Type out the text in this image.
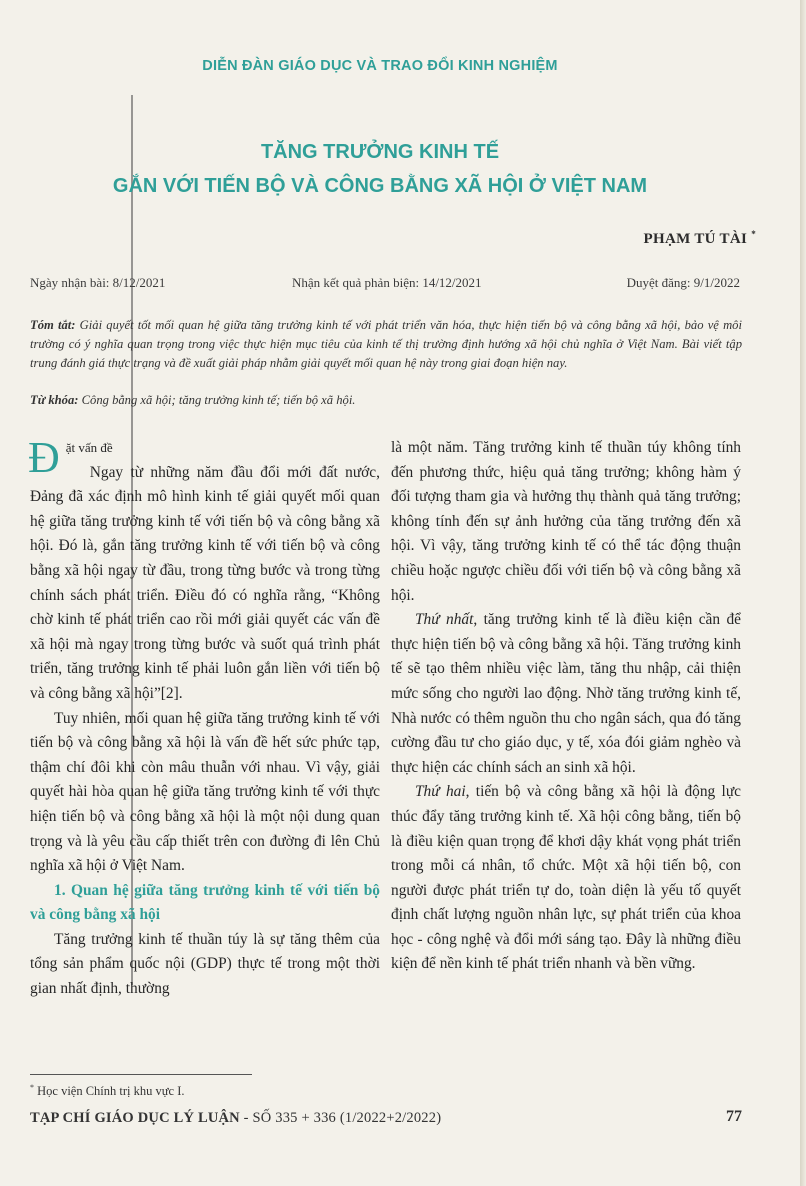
DIỄN ĐÀN GIÁO DỤC VÀ TRAO ĐỔI KINH NGHIỆM
TĂNG TRƯỞNG KINH TẾ
GẮN VỚI TIẾN BỘ VÀ CÔNG BẰNG XÃ HỘI Ở VIỆT NAM
PHẠM TÚ TÀI *
Ngày nhận bài: 8/12/2021	Nhận kết quả phản biện: 14/12/2021	Duyệt đăng: 9/1/2022
Tóm tắt: Giải quyết tốt mối quan hệ giữa tăng trưởng kinh tế với phát triển văn hóa, thực hiện tiến bộ và công bằng xã hội, bảo vệ môi trường có ý nghĩa quan trọng trong việc thực hiện mục tiêu của kinh tế thị trường định hướng xã hội chủ nghĩa ở Việt Nam. Bài viết tập trung đánh giá thực trạng và đề xuất giải pháp nhằm giải quyết mối quan hệ này trong giai đoạn hiện nay.
Từ khóa: Công bằng xã hội; tăng trưởng kinh tế; tiến bộ xã hội.

Đ $^{ặt vấn đề}$

Ngay từ những năm đầu đổi mới đất nước, Đảng đã xác định mô hình kinh tế giải quyết mối quan hệ giữa tăng trưởng kinh tế với tiến bộ và công bằng xã hội. Đó là, gắn tăng trưởng kinh tế với tiến bộ và công bằng xã hội ngay từ đầu, trong từng bước và trong từng chính sách phát triển. Điều đó có nghĩa rằng, “Không chờ kinh tế phát triển cao rồi mới giải quyết các vấn đề xã hội mà ngay trong từng bước và suốt quá trình phát triển, tăng trưởng kinh tế phải luôn gắn liền với tiến bộ và công bằng xã hội”[2].

Tuy nhiên, mối quan hệ giữa tăng trưởng kinh tế với tiến bộ và công bằng xã hội là vấn đề hết sức phức tạp, thậm chí đôi khi còn mâu thuẫn với nhau. Vì vậy, giải quyết hài hòa quan hệ giữa tăng trưởng kinh tế với thực hiện tiến bộ và công bằng xã hội là một nội dung quan trọng và là yêu cầu cấp thiết trên con đường đi lên Chủ nghĩa xã hội ở Việt Nam.

1. Quan hệ giữa tăng trưởng kinh tế với tiến bộ và công bằng xã hội

Tăng trưởng kinh tế thuần túy là sự tăng thêm của tổng sản phẩm quốc nội (GDP) thực tế trong một thời gian nhất định, thường

là một năm. Tăng trưởng kinh tế thuần túy không tính đến phương thức, hiệu quả tăng trưởng; không hàm ý đối tượng tham gia và hưởng thụ thành quả tăng trưởng; không tính đến sự ảnh hưởng của tăng trưởng đến xã hội. Vì vậy, tăng trưởng kinh tế có thể tác động thuận chiều hoặc ngược chiều đối với tiến bộ và công bằng xã hội.

Thứ nhất, tăng trưởng kinh tế là điều kiện cần để thực hiện tiến bộ và công bằng xã hội. Tăng trưởng kinh tế sẽ tạo thêm nhiều việc làm, tăng thu nhập, cải thiện mức sống cho người lao động. Nhờ tăng trưởng kinh tế, Nhà nước có thêm nguồn thu cho ngân sách, qua đó tăng cường đầu tư cho giáo dục, y tế, xóa đói giảm nghèo và thực hiện các chính sách an sinh xã hội.

Thứ hai, tiến bộ và công bằng xã hội là động lực thúc đẩy tăng trưởng kinh tế. Xã hội công bằng, tiến bộ là điều kiện quan trọng để khơi dậy khát vọng phát triển trong mỗi cá nhân, tổ chức. Một xã hội tiến bộ, con người được phát triển tự do, toàn diện là yếu tố quyết định chất lượng nguồn nhân lực, sự phát triển của khoa học - công nghệ và đổi mới sáng tạo. Đây là những điều kiện để nền kinh tế phát triển nhanh và bền vững.

* Học viện Chính trị khu vực I.
TẠP CHÍ GIÁO DỤC LÝ LUẬN - SỐ 335 + 336 (1/2022+2/2022)	77
